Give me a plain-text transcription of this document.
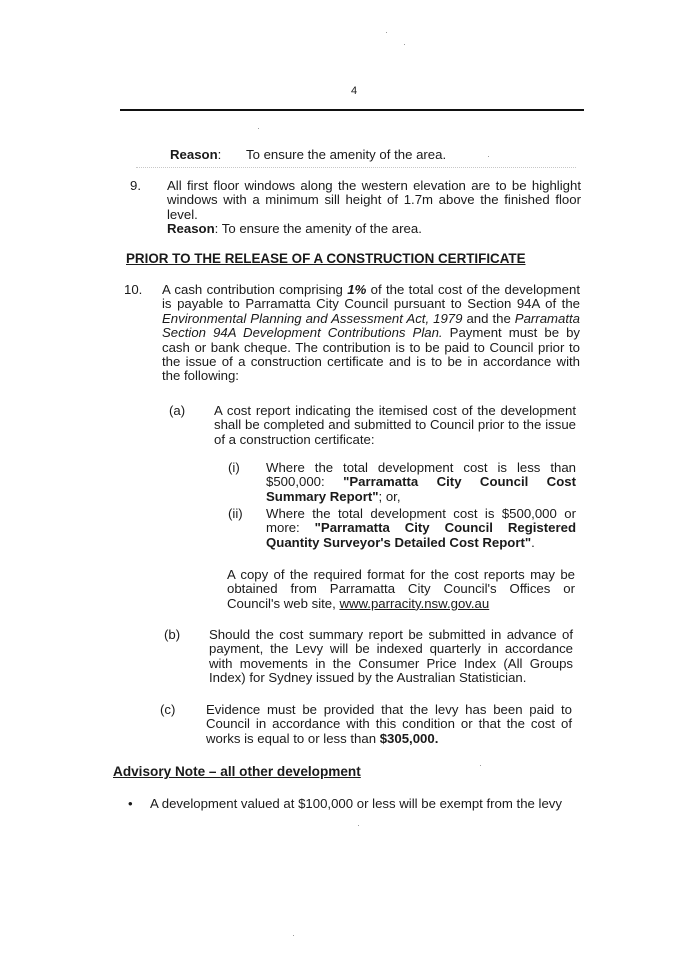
4
Reason:	To ensure the amenity of the area.
9. All first floor windows along the western elevation are to be highlight windows with a minimum sill height of 1.7m above the finished floor level.
Reason: To ensure the amenity of the area.
PRIOR TO THE RELEASE OF A CONSTRUCTION CERTIFICATE
10. A cash contribution comprising 1% of the total cost of the development is payable to Parramatta City Council pursuant to Section 94A of the Environmental Planning and Assessment Act, 1979 and the Parramatta Section 94A Development Contributions Plan. Payment must be by cash or bank cheque. The contribution is to be paid to Council prior to the issue of a construction certificate and is to be in accordance with the following:
(a) A cost report indicating the itemised cost of the development shall be completed and submitted to Council prior to the issue of a construction certificate:
(i) Where the total development cost is less than $500,000: "Parramatta City Council Cost Summary Report"; or,
(ii) Where the total development cost is $500,000 or more: "Parramatta City Council Registered Quantity Surveyor's Detailed Cost Report".
A copy of the required format for the cost reports may be obtained from Parramatta City Council's Offices or Council's web site, www.parracity.nsw.gov.au
(b) Should the cost summary report be submitted in advance of payment, the Levy will be indexed quarterly in accordance with movements in the Consumer Price Index (All Groups Index) for Sydney issued by the Australian Statistician.
(c) Evidence must be provided that the levy has been paid to Council in accordance with this condition or that the cost of works is equal to or less than $305,000.
Advisory Note – all other development
• A development valued at $100,000 or less will be exempt from the levy
